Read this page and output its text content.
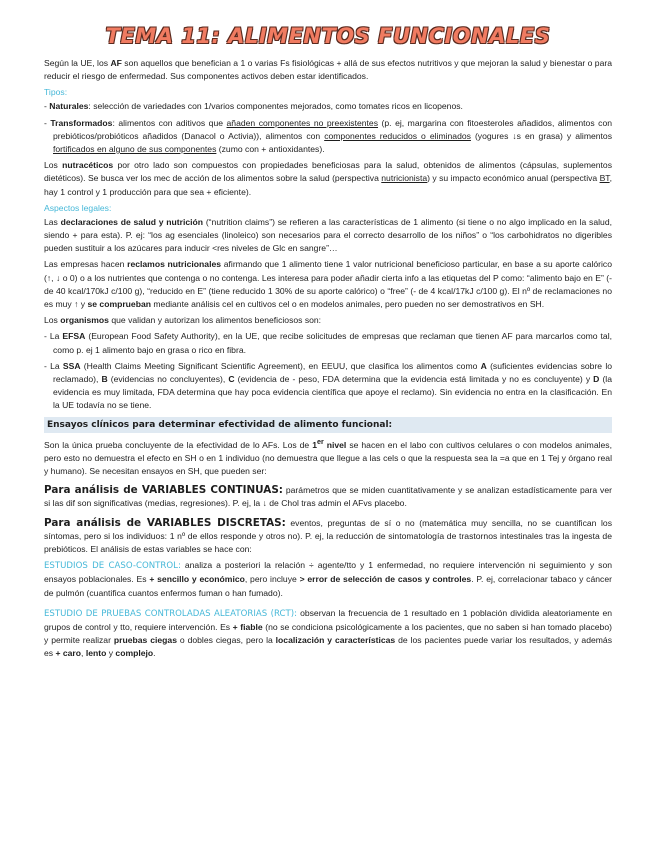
TEMA 11: ALIMENTOS FUNCIONALES

Según la UE, los AF son aquellos que benefician a 1 o varias Fs fisiológicas + allá de sus efectos nutritivos y que mejoran la salud y bienestar o para reducir el riesgo de enfermedad. Sus componentes activos deben estar identificados.

Tipos:

- Naturales: selección de variedades con 1/varios componentes mejorados, como tomates ricos en licopenos.

- Transformados: alimentos con aditivos que añaden componentes no preexistentes (p. ej, margarina con fitoesteroles añadidos, alimentos con prebióticos/probióticos añadidos (Danacol o Activia)), alimentos con componentes reducidos o eliminados (yogures ↓s en grasa) y alimentos fortificados en alguno de sus componentes (zumo con + antioxidantes).

Los nutracéticos por otro lado son compuestos con propiedades beneficiosas para la salud, obtenidos de alimentos (cápsulas, suplementos dietéticos). Se busca ver los mec de acción de los alimentos sobre la salud (perspectiva nutricionista) y su impacto económico anual (perspectiva BT, hay 1 control y 1 producción para que sea + eficiente).

Aspectos legales:

Las declaraciones de salud y nutrición (“nutrition claims”) se refieren a las características de 1 alimento (si tiene o no algo implicado en la salud, siendo + para esta). P. ej: “los ag esenciales (linoleico) son necesarios para el correcto desarrollo de los niños” o “los carbohidratos no digeribles pueden sustituir a los azúcares para inducir <res niveles de Glc en sangre”…

Las empresas hacen reclamos nutricionales afirmando que 1 alimento tiene 1 valor nutricional beneficioso particular, en base a su aporte calórico (↑, ↓ o 0) o a los nutrientes que contenga o no contenga. Les interesa para poder añadir cierta info a las etiquetas del P como: “alimento bajo en E” (- de 40 kcal/170kJ c/100 g), “reducido en E” (tiene reducido 1 30% de su aporte calórico) o “free” (- de 4 kcal/17kJ c/100 g). El nº de reclamaciones no es muy ↑ y se comprueban mediante análisis cel en cultivos cel o en modelos animales, pero pueden no ser demostrativos en SH.

Los organismos que validan y autorizan los alimentos beneficiosos son:

- La EFSA (European Food Safety Authority), en la UE, que recibe solicitudes de empresas que reclaman que tienen AF para marcarlos como tal, como p. ej 1 alimento bajo en grasa o rico en fibra.

- La SSA (Health Claims Meeting Significant Scientific Agreement), en EEUU, que clasifica los alimentos como A (suficientes evidencias sobre lo reclamado), B (evidencias no concluyentes), C (evidencia de - peso, FDA determina que la evidencia está limitada y no es concluyente) y D (la evidencia es muy limitada, FDA determina que hay poca evidencia científica que apoye el reclamo). Sin evidencia no entra en la clasificación. En la UE todavía no se tiene.

Ensayos clínicos para determinar efectividad de alimento funcional:

Son la única prueba concluyente de la efectividad de lo AFs. Los de 1er nivel se hacen en el labo con cultivos celulares o con modelos animales, pero esto no demuestra el efecto en SH o en 1 individuo (no demuestra que llegue a las cels o que la respuesta sea la =a que en 1 Tej y órgano real y humano). Se necesitan ensayos en SH, que pueden ser:

Para análisis de VARIABLES CONTINUAS: parámetros que se miden cuantitativamente y se analizan estadísticamente para ver si las dif son significativas (medias, regresiones). P. ej, la ↓ de Chol tras admin el AFvs placebo.

Para análisis de VARIABLES DISCRETAS: eventos, preguntas de sí o no (matemática muy sencilla, no se cuantifican los síntomas, pero si los individuos: 1 nº de ellos responde y otros no). P. ej, la reducción de sintomatología de trastornos intestinales tras la ingesta de prebióticos. El análisis de estas variables se hace con:

ESTUDIOS DE CASO-CONTROL: analiza a posteriori la relación ÷ agente/tto y 1 enfermedad, no requiere intervención ni seguimiento y son ensayos poblacionales. Es + sencillo y económico, pero incluye > error de selección de casos y controles. P. ej, correlacionar tabaco y cáncer de pulmón (cuantifica cuantos enfermos fuman o han fumado).

ESTUDIO DE PRUEBAS CONTROLADAS ALEATORIAS (RCT): observan la frecuencia de 1 resultado en 1 población dividida aleatoriamente en grupos de control y tto, requiere intervención. Es + fiable (no se condiciona psicológicamente a los pacientes, que no saben si han tomado placebo) y permite realizar pruebas ciegas o dobles ciegas, pero la localización y características de los pacientes puede variar los resultados, y además es + caro, lento y complejo.
